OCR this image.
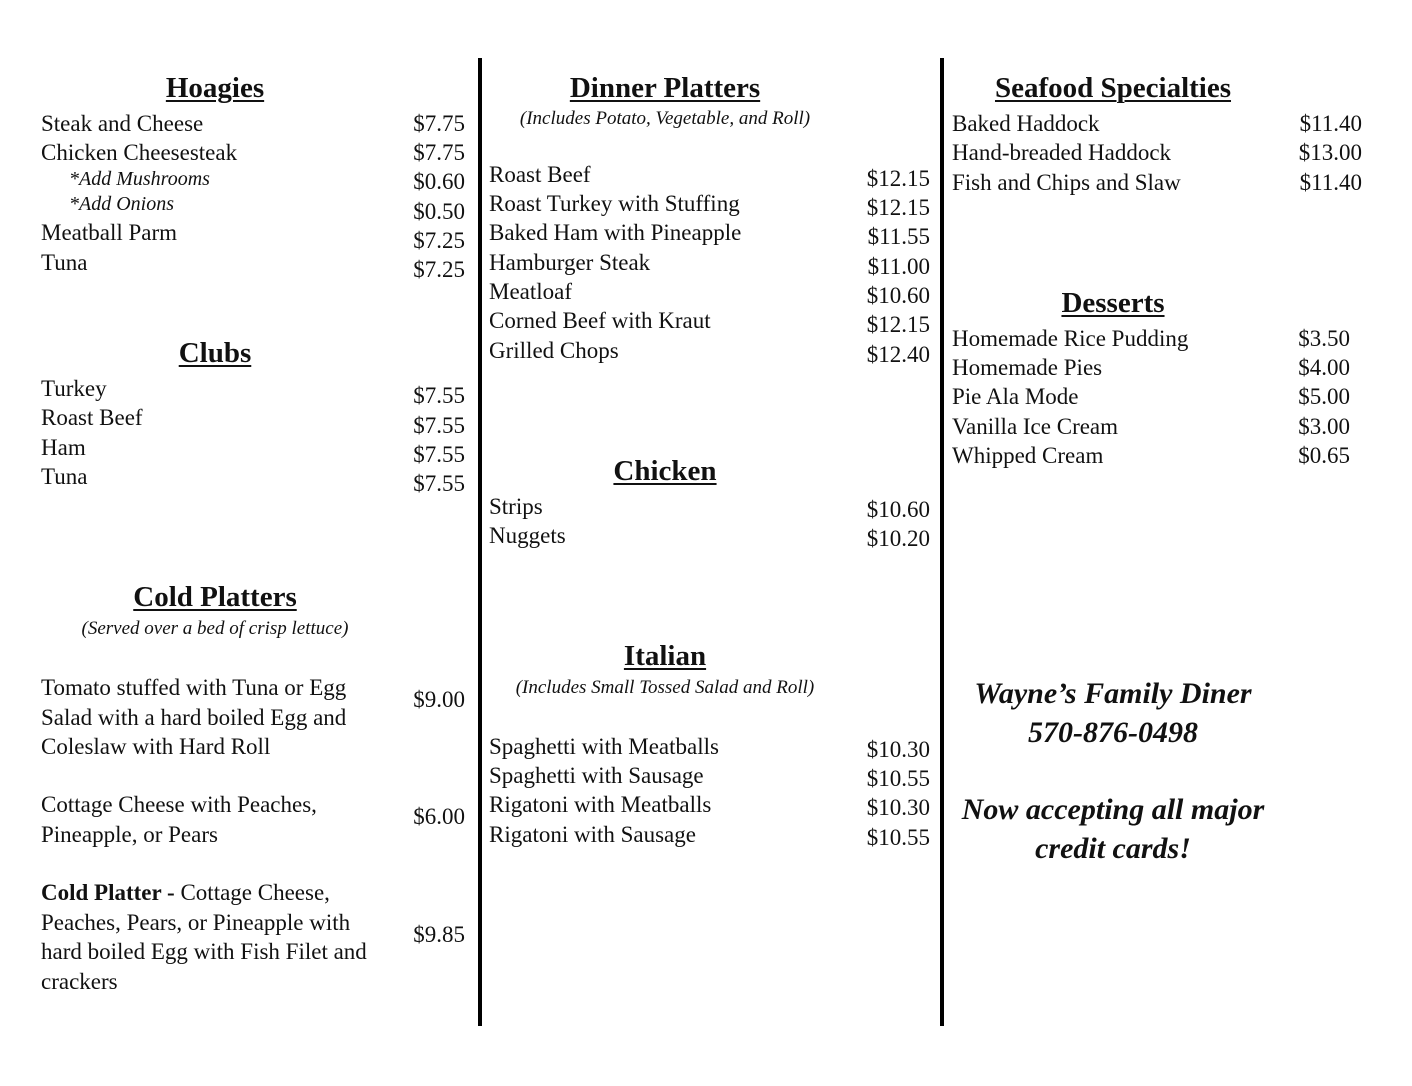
Hoagies
Steak and Cheese
Chicken Cheesesteak
*Add Mushrooms
*Add Onions
Meatball Parm
Tuna
$7.75
$7.75
$0.60
$0.50
$7.25
$7.25
Clubs
Turkey
Roast Beef
Ham
Tuna
$7.55
$7.55
$7.55
$7.55
Cold Platters
(Served over a bed of crisp lettuce)
Tomato stuffed with Tuna or Egg Salad with a hard boiled Egg and Coleslaw with Hard Roll
$9.00
Cottage Cheese with Peaches, Pineapple, or Pears
$6.00
Cold Platter - Cottage Cheese, Peaches, Pears, or Pineapple with hard boiled Egg with Fish Filet and crackers
$9.85
Dinner Platters
(Includes Potato, Vegetable, and Roll)
Roast Beef
Roast Turkey with Stuffing
Baked Ham with Pineapple
Hamburger Steak
Meatloaf
Corned Beef with Kraut
Grilled Chops
$12.15
$12.15
$11.55
$11.00
$10.60
$12.15
$12.40
Chicken
Strips
Nuggets
$10.60
$10.20
Italian
(Includes Small Tossed Salad and Roll)
Spaghetti with Meatballs
Spaghetti with Sausage
Rigatoni with Meatballs
Rigatoni with Sausage
$10.30
$10.55
$10.30
$10.55
Seafood Specialties
Baked Haddock
Hand-breaded Haddock
Fish and Chips and Slaw
$11.40
$13.00
$11.40
Desserts
Homemade Rice Pudding
Homemade Pies
Pie Ala Mode
Vanilla Ice Cream
Whipped Cream
$3.50
$4.00
$5.00
$3.00
$0.65
Wayne’s Family Diner
570-876-0498
Now accepting all major
credit cards!
